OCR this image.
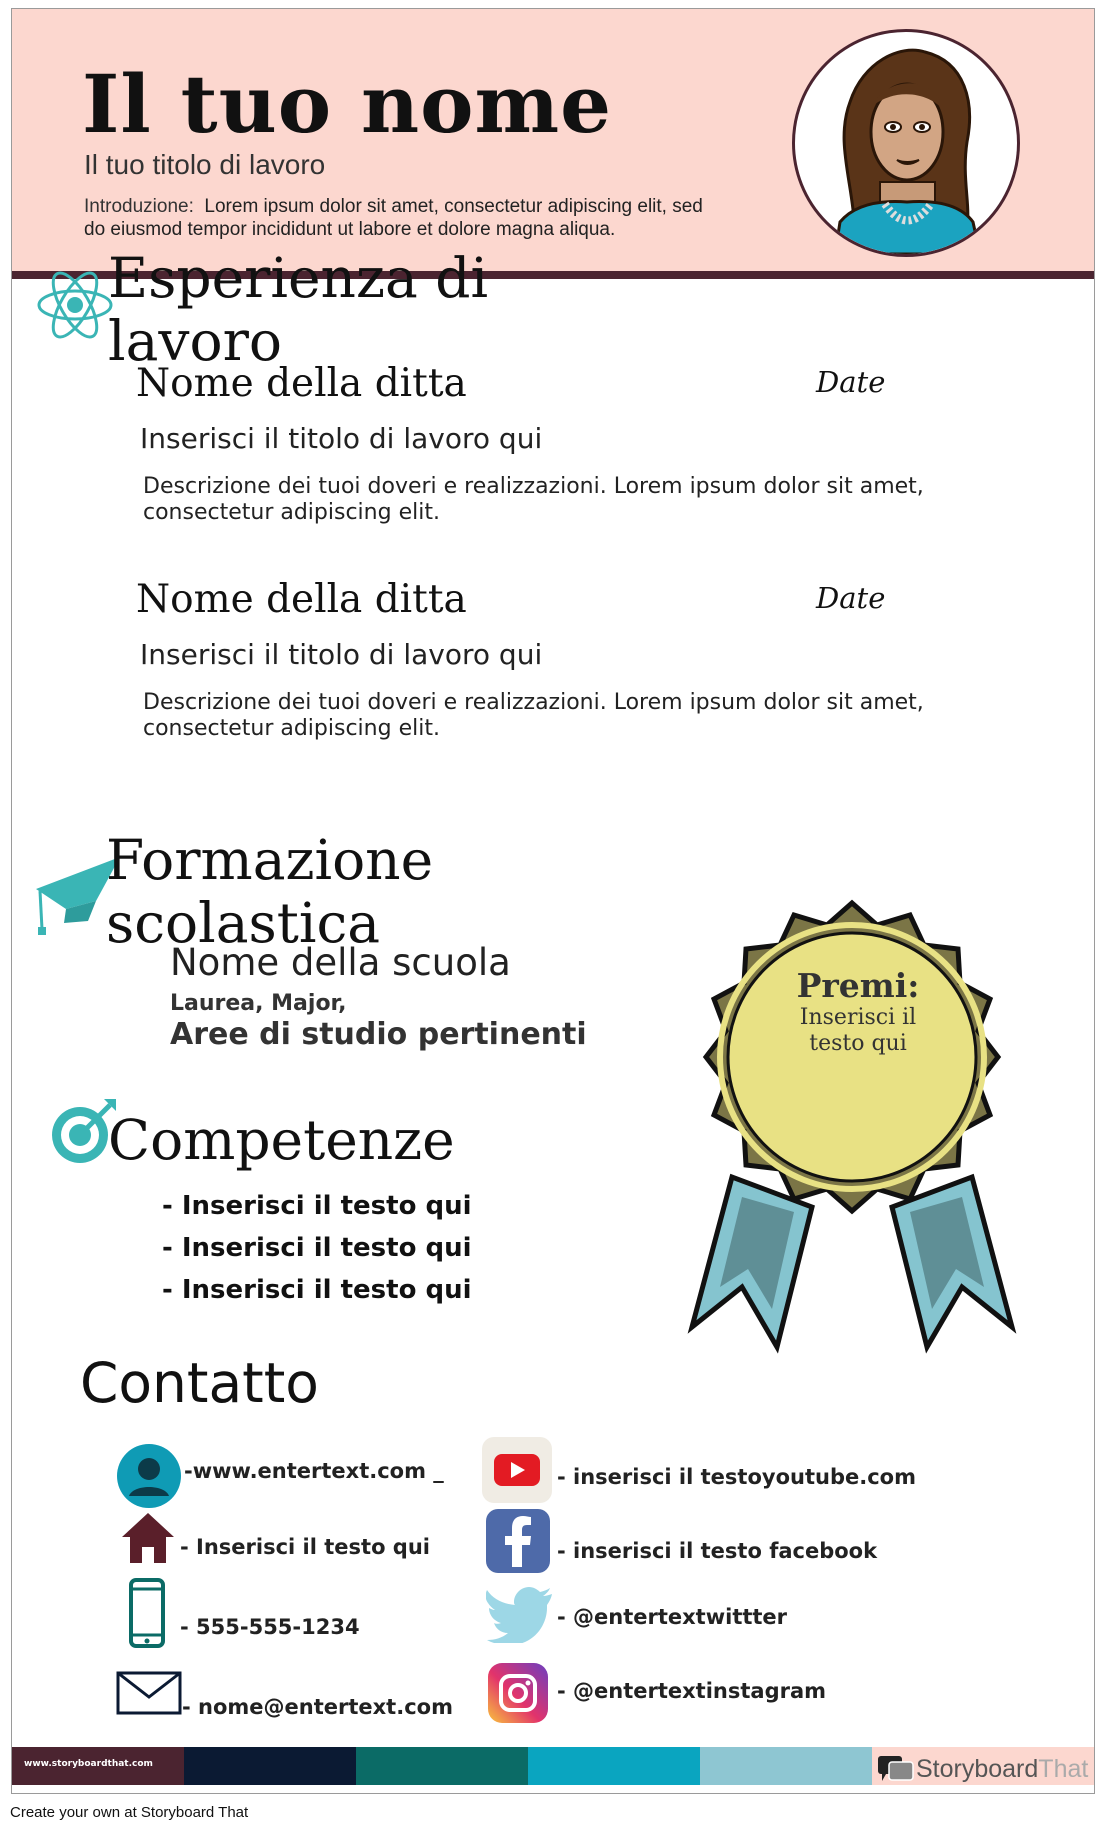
Il tuo nome
Il tuo titolo di lavoro
Introduzione: Lorem ipsum dolor sit amet, consectetur adipiscing elit, sed do eiusmod tempor incididunt ut labore et dolore magna aliqua.
Esperienza di
lavoro
Nome della ditta	Date
Inserisci il titolo di lavoro qui
Descrizione dei tuoi doveri e realizzazioni. Lorem ipsum dolor sit amet, consectetur adipiscing elit.
Nome della ditta	Date
Inserisci il titolo di lavoro qui
Descrizione dei tuoi doveri e realizzazioni. Lorem ipsum dolor sit amet, consectetur adipiscing elit.
Formazione
scolastica
Nome della scuola
Laurea, Major,
Aree di studio pertinenti
Competenze
- Inserisci il testo qui
- Inserisci il testo qui
- Inserisci il testo qui
Premi:
Inserisci il testo qui
Contatto
-www.entertext.com _
- Inserisci il testo qui
- 555-555-1234
- nome@entertext.com
- inserisci il testoyoutube.com
- inserisci il testo facebook
- @entertextwittter
- @entertextinstagram
www.storyboardthat.com	Storyboard That
Create your own at Storyboard That
